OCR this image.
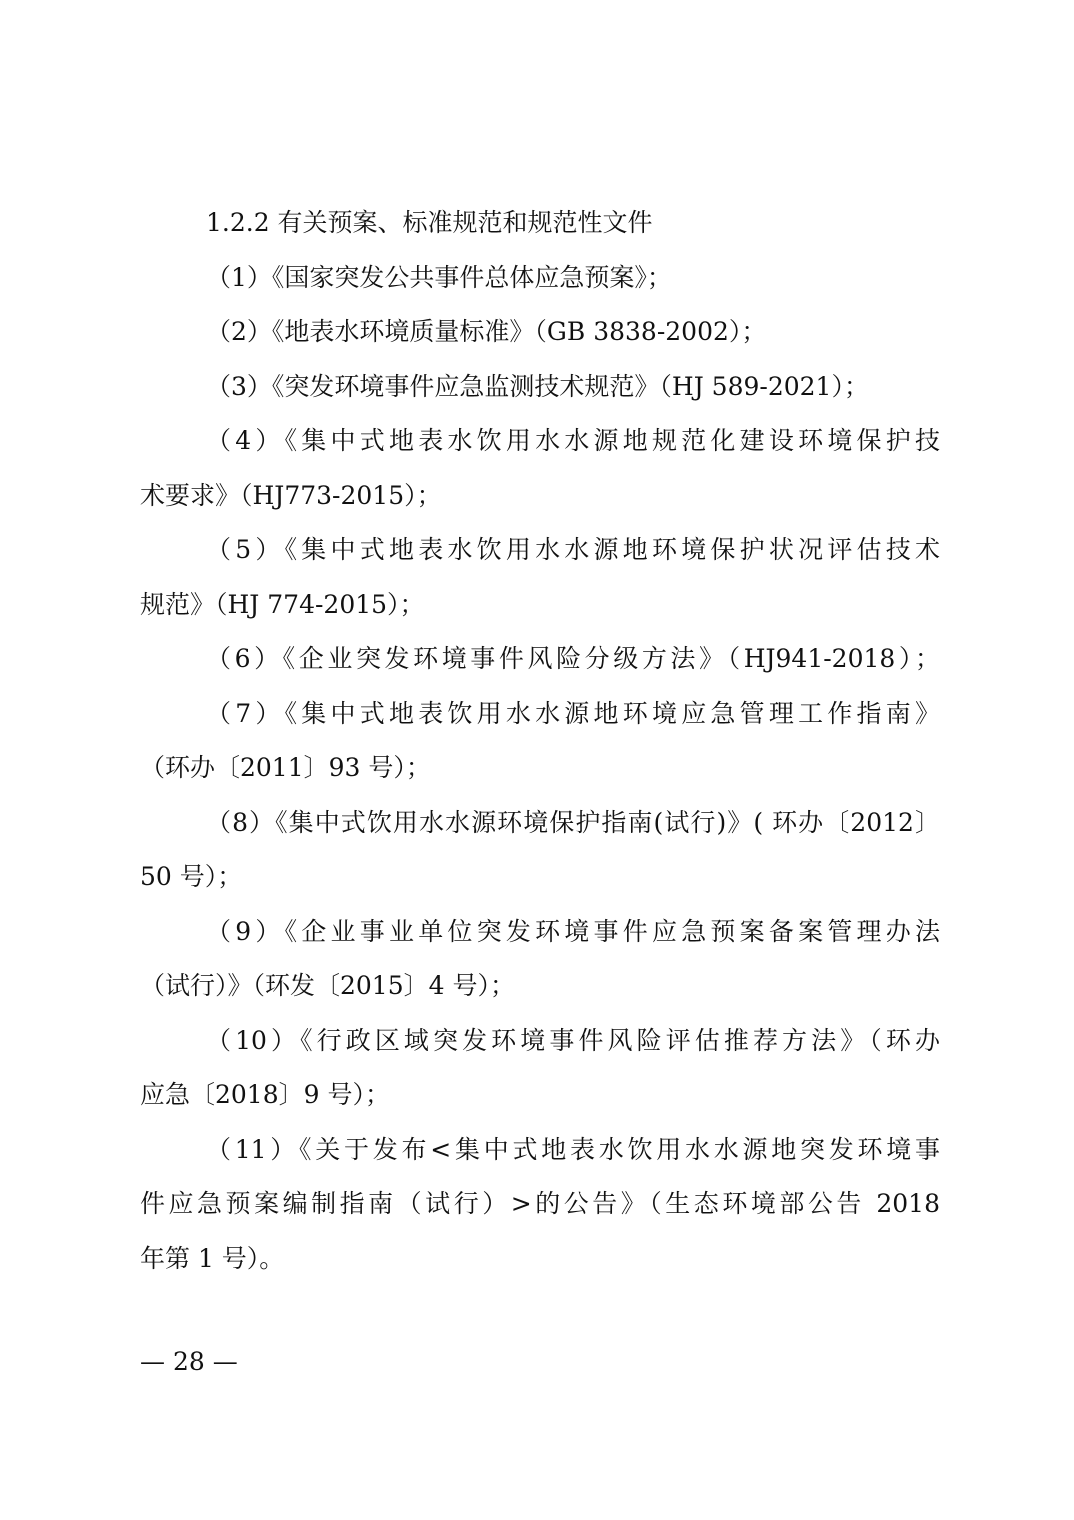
1.2.2 有关预案、标准规范和规范性文件
（1）《国家突发公共事件总体应急预案》；
（2）《地表水环境质量标准》（GB 3838-2002）；
（3）《突发环境事件应急监测技术规范》（HJ 589-2021）；
（4）《集中式地表水饮用水水源地规范化建设环境保护技
术要求》（HJ773-2015）；
（5）《集中式地表水饮用水水源地环境保护状况评估技术
规范》（HJ 774-2015）；
（6）《企业突发环境事件风险分级方法》（HJ941-2018）；
（7）《集中式地表饮用水水源地环境应急管理工作指南》
（环办〔2011〕93 号）；
（8）《集中式饮用水水源环境保护指南(试行)》( 环办〔2012〕
50 号）；
（9）《企业事业单位突发环境事件应急预案备案管理办法
（试行）》（环发〔2015〕4 号）；
（10）《行政区域突发环境事件风险评估推荐方法》（环办
应急〔2018〕9 号）；
（11）《关于发布<集中式地表水饮用水水源地突发环境事
件应急预案编制指南（试行）>的公告》（生态环境部公告 2018
年第 1 号）。
— 28 —
